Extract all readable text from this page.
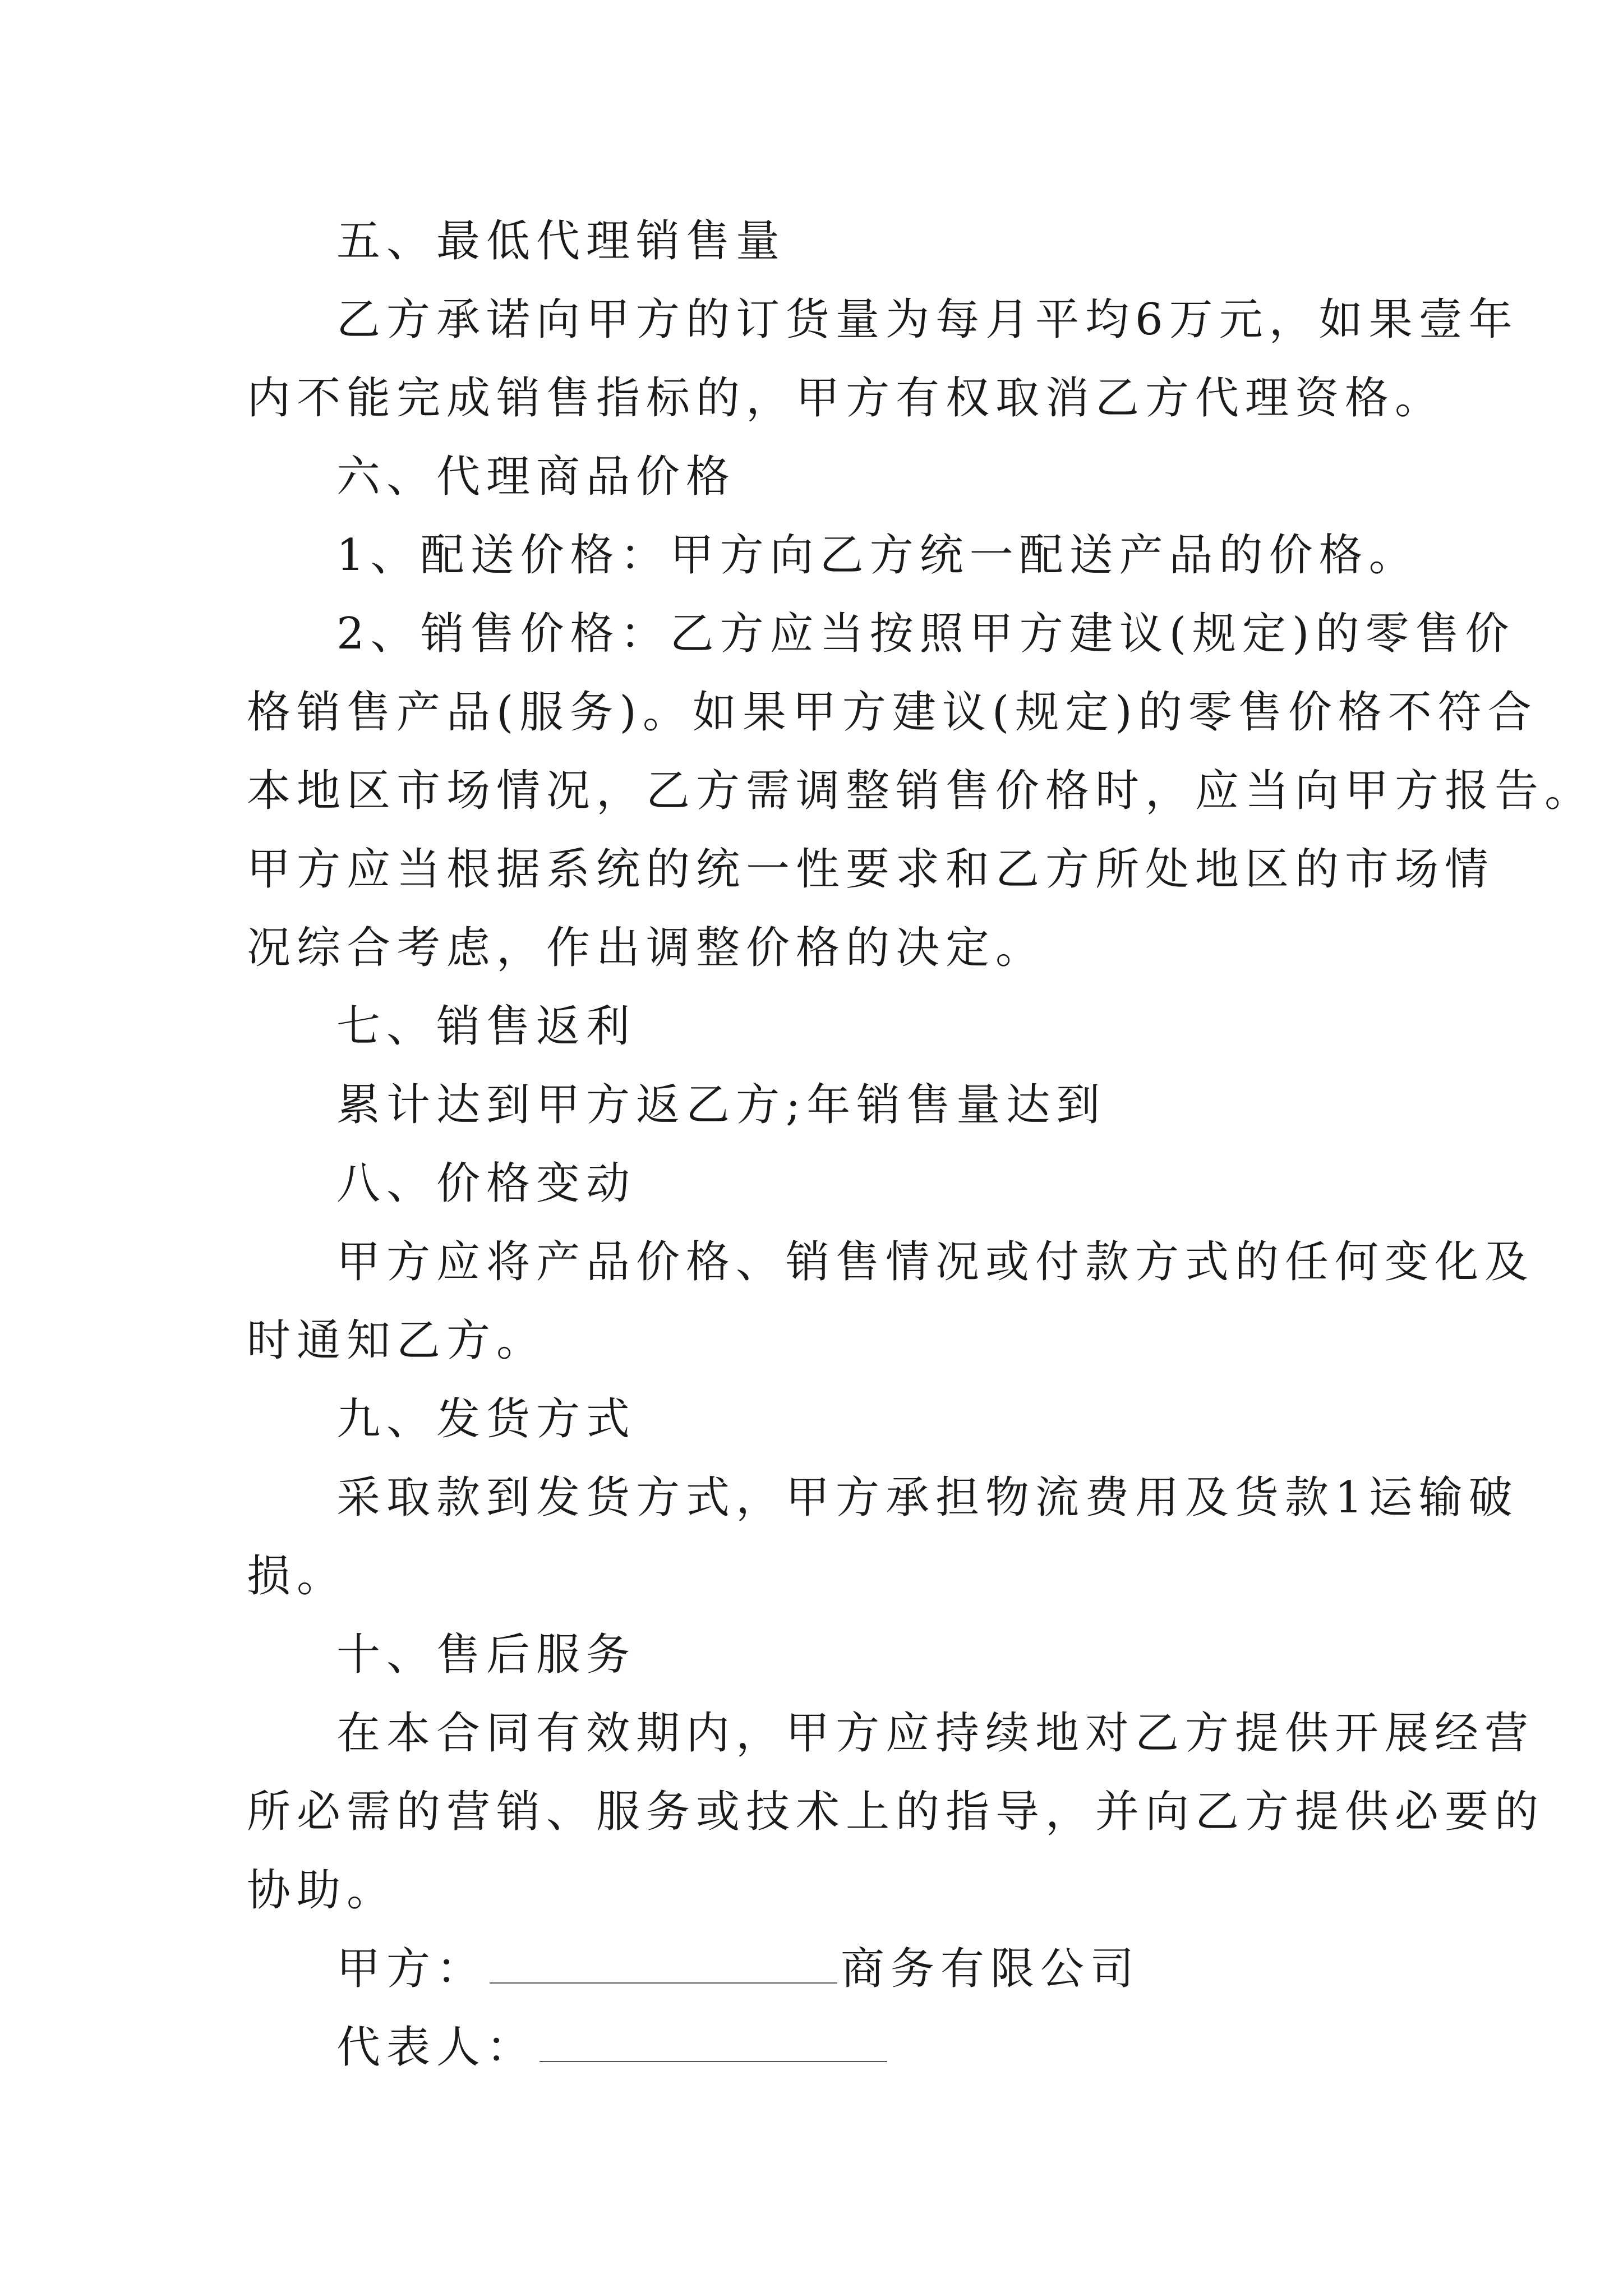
五、最低代理销售量
乙方承诺向甲方的订货量为每月平均6万元，如果壹年
内不能完成销售指标的，甲方有权取消乙方代理资格。
六、代理商品价格
1、配送价格：甲方向乙方统一配送产品的价格。
2、销售价格：乙方应当按照甲方建议(规定)的零售价
格销售产品(服务)。如果甲方建议(规定)的零售价格不符合
本地区市场情况，乙方需调整销售价格时，应当向甲方报告。
甲方应当根据系统的统一性要求和乙方所处地区的市场情
况综合考虑，作出调整价格的决定。
七、销售返利
累计达到甲方返乙方;年销售量达到
八、价格变动
甲方应将产品价格、销售情况或付款方式的任何变化及
时通知乙方。
九、发货方式
采取款到发货方式，甲方承担物流费用及货款1运输破
损。
十、售后服务
在本合同有效期内，甲方应持续地对乙方提供开展经营
所必需的营销、服务或技术上的指导，并向乙方提供必要的
协助。
甲方：	商务有限公司
代表人：
